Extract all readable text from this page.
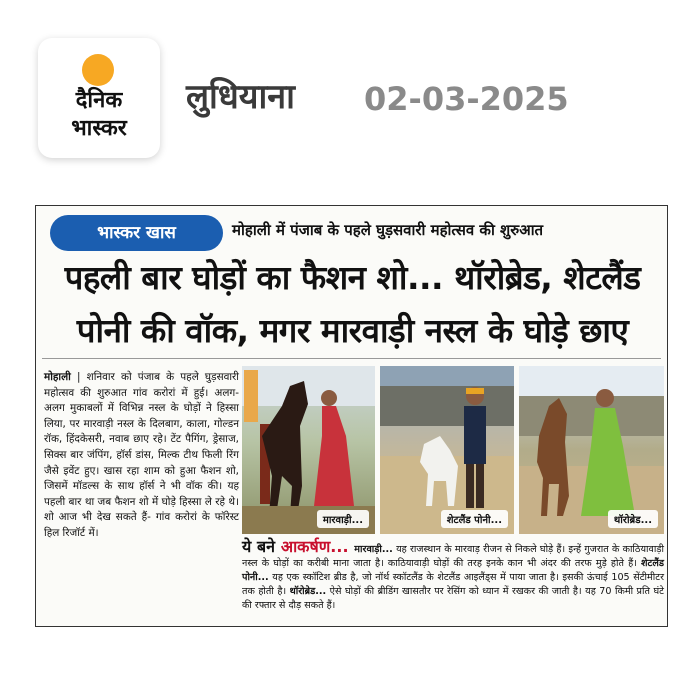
दैनिक
भास्कर
लुधियाना 02-03-2025
भास्कर खास	मोहाली में पंजाब के पहले घुड़सवारी महोत्सव की शुरुआत
पहली बार घोड़ों का फैशन शो... थॉरोब्रेड, शेटलैंड
पोनी की वॉक, मगर मारवाड़ी नस्ल के घोड़े छाए
मोहाली | शनिवार को पंजाब के पहले घुड़सवारी महोत्सव की शुरुआत गांव करोरां में हुई। अलग-अलग मुकाबलों में विभिन्न नस्ल के घोड़ों ने हिस्सा लिया, पर मारवाड़ी नस्ल के दिलबाग, काला, गोल्डन रॉक, हिंदकेसरी, नवाब छाए रहे। टेंट पैगिंग, ड्रेसाज, सिक्स बार जंपिंग, हॉर्स डांस, मिल्क टीथ फिली रिंग जैसे इवेंट हुए। खास रहा शाम को हुआ फैशन शो, जिसमें मॉडल्स के साथ हॉर्स ने भी वॉक की। यह पहली बार था जब फैशन शो में घोड़े हिस्सा ले रहे थे। शो आज भी देख सकते हैं- गांव करोरां के फॉरेस्ट हिल रिजॉर्ट में।
मारवाड़ी...	शेटलैंड पोनी...	थॉरोब्रेड...
ये बने आकर्षण... मारवाड़ी... यह राजस्थान के मारवाड़ रीजन से निकले घोड़े हैं। इन्हें गुजरात के काठियावाड़ी नस्ल के घोड़ों का करीबी माना जाता है। काठियावाड़ी घोड़ों की तरह इनके कान भी अंदर की तरफ मुड़े होते हैं। शेटलैंड पोनी... यह एक स्कॉटिश ब्रीड है, जो नॉर्थ स्कॉटलैंड के शेटलैंड आइलैंड्स में पाया जाता है। इसकी ऊंचाई 105 सेंटीमीटर तक होती है। थॉरोब्रेड... ऐसे घोड़ों की ब्रीडिंग खासतौर पर रेसिंग को ध्यान में रखकर की जाती है। यह 70 किमी प्रति घंटे की रफ्तार से दौड़ सकते हैं।
